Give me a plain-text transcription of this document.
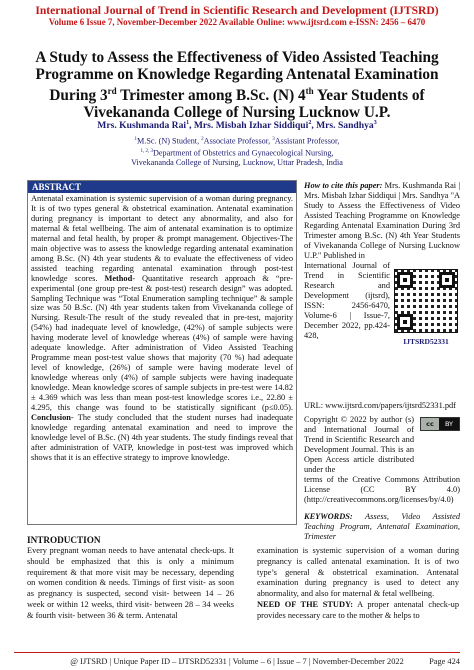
International Journal of Trend in Scientific Research and Development (IJTSRD)
Volume 6 Issue 7, November-December 2022 Available Online: www.ijtsrd.com e-ISSN: 2456 – 6470
A Study to Assess the Effectiveness of Video Assisted Teaching
Programme on Knowledge Regarding Antenatal Examination
During 3rd Trimester among B.Sc. (N) 4th Year Students of
Vivekananda College of Nursing Lucknow U.P.
Mrs. Kushmanda Rai$^1$, Mrs. Misbah Izhar Siddiqui$^2$, Mrs. Sandhya$^3$
$^1$M.Sc. (N) Student, $^2$Associate Professor, $^3$Assistant Professor,
$^{1, 2, 3}$Department of Obstetrics and Gynaecological Nursing,
Vivekananda College of Nursing, Lucknow, Uttar Pradesh, India
ABSTRACT
Antenatal examination is systemic supervision of a woman during pregnancy. It is of two types general & obstetrical examination. Antenatal examination during pregnancy is important to detect any abnormality, and also for maternal & fetal wellbeing. The aim of antenatal examination is to optimize maternal and fetal health, by proper & prompt management. Objectives-The main objective was to assess the knowledge regarding antenatal examination among B.Sc. (N) 4th year students & to evaluate the effectiveness of video assisted teaching regarding antenatal examination through post-test knowledge scores. Method- Quantitative research approach & “pre-experimental (one group pre-test & post-test) research design” was adopted. Sampling Technique was “Total Enumeration sampling technique” & sample size was 50 B.Sc. (N) 4th year students taken from Vivekananda college of Nursing. Result-The result of the study revealed that in pre-test, majority (54%) had inadequate level of knowledge, (42%) of sample subjects were having moderate level of knowledge whereas (4%) of sample were having adequate knowledge. After administration of Video Assisted Teaching Programme mean post-test value shows that majority (70 %) had adequate level of knowledge, (26%) of sample were having moderate level of knowledge whereas only (4%) of sample subjects were having inadequate knowledge. Mean knowledge scores of sample subjects in pre-test were 14.82 ± 4.369 which was less than mean post-test knowledge scores i.e., 22.80 ± 4.295, this change was found to be statistically significant (p≤0.05). Conclusion- The study concluded that the student nurses had inadequate knowledge regarding antenatal examination and need to improve the knowledge level of B.Sc. (N) 4th year students. The study findings reveal that after administration of VATP, knowledge in post-test was improved which shows that it is an effective strategy to improve knowledge.
How to cite this paper: Mrs. Kushmanda Rai | Mrs. Misbah Izhar Siddiqui | Mrs. Sandhya "A Study to Assess the Effectiveness of Video Assisted Teaching Programme on Knowledge Regarding Antenatal Examination During 3rd Trimester among B.Sc. (N) 4th Year Students of Vivekananda College of Nursing Lucknow U.P." Published in
International Journal of Trend in Scientific Research and Development (ijtsrd), ISSN: 2456-6470, Volume-6 | Issue-7, December 2022, pp.424-428,
IJTSRD52331
URL: www.ijtsrd.com/papers/ijtsrd52331.pdf
Copyright © 2022 by author (s) and International Journal of Trend in Scientific Research and Development Journal. This is an Open Access article distributed under the
cc	BY
terms of the Creative Commons Attribution License (CC BY 4.0) (http://creativecommons.org/licenses/by/4.0)
KEYWORDS: Assess, Video Assisted Teaching Program, Antenatal Examination, Trimester
INTRODUCTION
Every pregnant woman needs to have antenatal check-ups. It should be emphasized that this is only a minimum requirement & that more visit may be necessary, depending on women condition & needs. Timings of first visit- as soon as pregnancy is suspected, second visit- between 14 – 26 week or within 12 weeks, third visit- between 28 – 34 weeks & fourth visit- between 36 & term. Antenatal
examination is systemic supervision of a woman during pregnancy is called antenatal examination. It is of two type’s general & obstetrical examination. Antenatal examination during pregnancy is used to detect any abnormality, and also for maternal & fetal wellbeing.
NEED OF THE STUDY: A proper antenatal check-up provides necessary care to the mother & helps to
@ IJTSRD | Unique Paper ID – IJTSRD52331 | Volume – 6 | Issue – 7 | November-December 2022	Page 424
